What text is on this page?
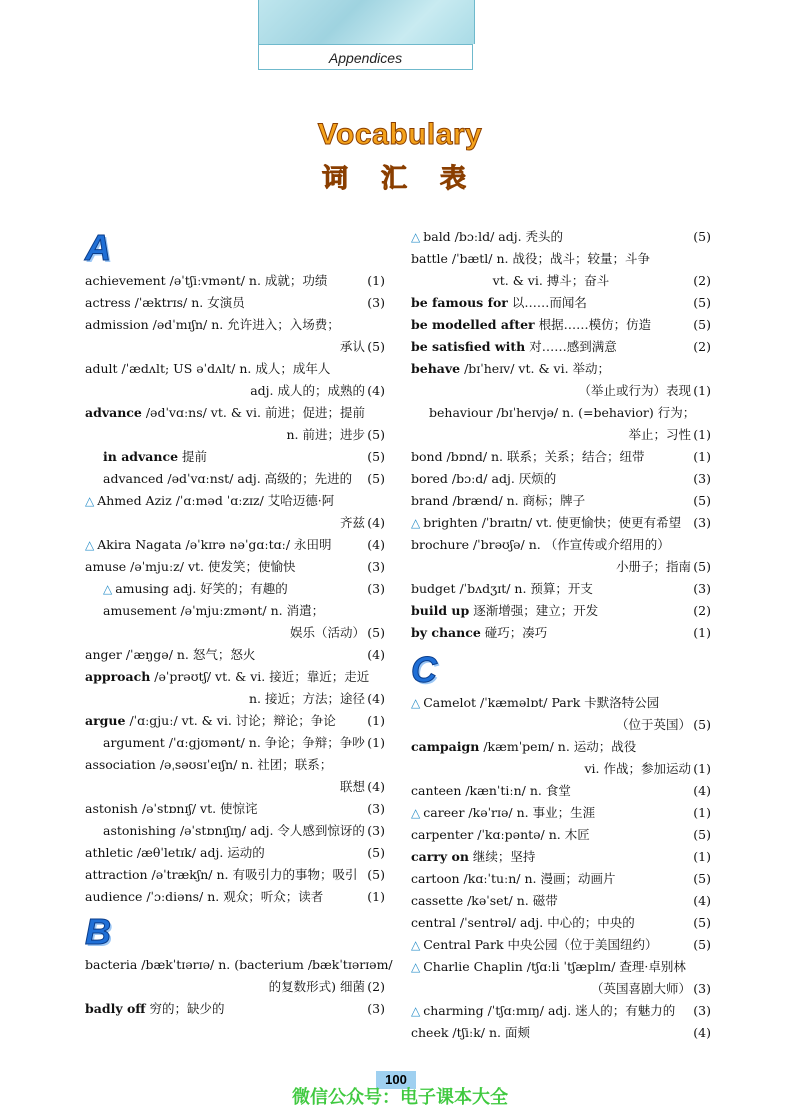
Appendices
Vocabulary
词 汇 表
A
achievement /əˈtʃiːvmənt/ n. 成就；功绩	(1)
actress /ˈæktrɪs/ n. 女演员	(3)
admission /ədˈmɪʃn/ n. 允许进入；入场费；
承认 (5)
adult /ˈædʌlt; US əˈdʌlt/ n. 成人；成年人
adj. 成人的；成熟的 (4)
advance /ədˈvɑːns/ vt. & vi. 前进；促进；提前
n. 前进；进步 (5)
in advance 提前	(5)
advanced /ədˈvɑːnst/ adj. 高级的；先进的 (5)
△ Ahmed Aziz /ˈɑːməd ˈɑːzɪz/ 艾哈迈德·阿
齐兹 (4)
△ Akira Nagata /əˈkɪrə nəˈgɑːtɑː/ 永田明	(4)
amuse /əˈmjuːz/ vt. 使发笑；使愉快	(3)
△ amusing adj. 好笑的；有趣的	(3)
amusement /əˈmjuːzmənt/ n. 消遣；
娱乐（活动） (5)
anger /ˈæŋgə/ n. 怒气；怒火	(4)
approach /əˈprəʊtʃ/ vt. & vi. 接近；靠近；走近
n. 接近；方法；途径 (4)
argue /ˈɑːgjuː/ vt. & vi. 讨论；辩论；争论	(1)
argument /ˈɑːgjʊmənt/ n. 争论；争辩；争吵 (1)
association /əˌsəʊsɪˈeɪʃn/ n. 社团；联系；
联想 (4)
astonish /əˈstɒnɪʃ/ vt. 使惊诧	(3)
astonishing /əˈstɒnɪʃɪŋ/ adj. 令人感到惊讶的 (3)
athletic /æθˈletɪk/ adj. 运动的	(5)
attraction /əˈtrækʃn/ n. 有吸引力的事物；吸引 (5)
audience /ˈɔːdiəns/ n. 观众；听众；读者	(1)
B
bacteria /bækˈtɪərɪə/ n. (bacterium /bækˈtɪərɪəm/
的复数形式) 细菌 (2)
badly off 穷的；缺少的	(3)
△ bald /bɔːld/ adj. 秃头的	(5)
battle /ˈbætl/ n. 战役；战斗；较量；斗争
vt. & vi. 搏斗；奋斗	(2)
be famous for 以……而闻名	(5)
be modelled after 根据……模仿；仿造	(5)
be satisfied with 对……感到满意	(2)
behave /bɪˈheɪv/ vt. & vi. 举动；
（举止或行为）表现 (1)
behaviour /bɪˈheɪvjə/ n. (=behavior) 行为；
举止；习性 (1)
bond /bɒnd/ n. 联系；关系；结合；纽带	(1)
bored /bɔːd/ adj. 厌烦的	(3)
brand /brænd/ n. 商标；牌子	(5)
△ brighten /ˈbraɪtn/ vt. 使更愉快；使更有希望 (3)
brochure /ˈbrəʊʃə/ n. （作宣传或介绍用的）
小册子；指南 (5)
budget /ˈbʌdʒɪt/ n. 预算；开支	(3)
build up 逐渐增强；建立；开发	(2)
by chance 碰巧；凑巧	(1)
C
△ Camelot /ˈkæməlɒt/ Park 卡默洛特公园
（位于英国） (5)
campaign /kæmˈpeɪn/ n. 运动；战役
vi. 作战；参加运动 (1)
canteen /kænˈtiːn/ n. 食堂	(4)
△ career /kəˈrɪə/ n. 事业；生涯	(1)
carpenter /ˈkɑːpəntə/ n. 木匠	(5)
carry on 继续；坚持	(1)
cartoon /kɑːˈtuːn/ n. 漫画；动画片	(5)
cassette /kəˈset/ n. 磁带	(4)
central /ˈsentrəl/ adj. 中心的；中央的	(5)
△ Central Park 中央公园（位于美国纽约）	(5)
△ Charlie Chaplin /tʃɑːli ˈtʃæplɪn/ 查理·卓别林
（英国喜剧大师） (3)
△ charming /ˈtʃɑːmɪŋ/ adj. 迷人的；有魅力的 (3)
cheek /tʃiːk/ n. 面颊	(4)
100
微信公众号：电子课本大全
